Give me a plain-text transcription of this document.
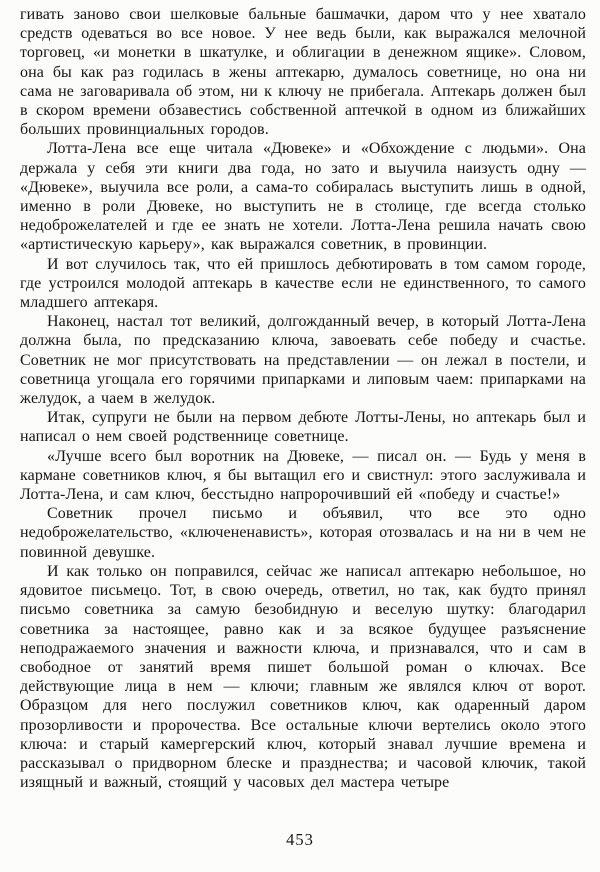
гивать заново свои шелковые бальные башмачки, даром что у нее хватало средств одеваться во все новое. У нее ведь были, как выражался мелочной торговец, «и монетки в шкатулке, и облигации в денежном ящике». Словом, она бы как раз годилась в жены аптекарю, думалось советнице, но она ни сама не заговаривала об этом, ни к ключу не прибегала. Аптекарь должен был в скором времени обзавестись собственной аптечкой в одном из ближайших больших провинциальных городов.

Лотта-Лена все еще читала «Дювеке» и «Обхождение с людьми». Она держала у себя эти книги два года, но зато и выучила наизусть одну — «Дювеке», выучила все роли, а сама-то собиралась выступить лишь в одной, именно в роли Дювеке, но выступить не в столице, где всегда столько недоброжелателей и где ее знать не хотели. Лотта-Лена решила начать свою «артистическую карьеру», как выражался советник, в провинции.

И вот случилось так, что ей пришлось дебютировать в том самом городе, где устроился молодой аптекарь в качестве если не единственного, то самого младшего аптекаря.

Наконец, настал тот великий, долгожданный вечер, в который Лотта-Лена должна была, по предсказанию ключа, завоевать себе победу и счастье. Советник не мог присутствовать на представлении — он лежал в постели, и советница угощала его горячими припарками и липовым чаем: припарками на желудок, а чаем в желудок.

Итак, супруги не были на первом дебюте Лотты-Лены, но аптекарь был и написал о нем своей родственнице советнице.

«Лучше всего был воротник на Дювеке, — писал он. — Будь у меня в кармане советников ключ, я бы вытащил его и свистнул: этого заслуживала и Лотта-Лена, и сам ключ, бесстыдно напророчивший ей «победу и счастье!»

Советник прочел письмо и объявил, что все это одно недоброжелательство, «ключененависть», которая отозвалась и на ни в чем не повинной девушке.

И как только он поправился, сейчас же написал аптекарю небольшое, но ядовитое письмецо. Тот, в свою очередь, ответил, но так, как будто принял письмо советника за самую безобидную и веселую шутку: благодарил советника за настоящее, равно как и за всякое будущее разъяснение неподражаемого значения и важности ключа, и признавался, что и сам в свободное от занятий время пишет большой роман о ключах. Все действующие лица в нем — ключи; главным же являлся ключ от ворот. Образцом для него послужил советников ключ, как одаренный даром прозорливости и пророчества. Все остальные ключи вертелись около этого ключа: и старый камергерский ключ, который знавал лучшие времена и рассказывал о придворном блеске и празднества; и часовой ключик, такой изящный и важный, стоящий у часовых дел мастера четыре

453
